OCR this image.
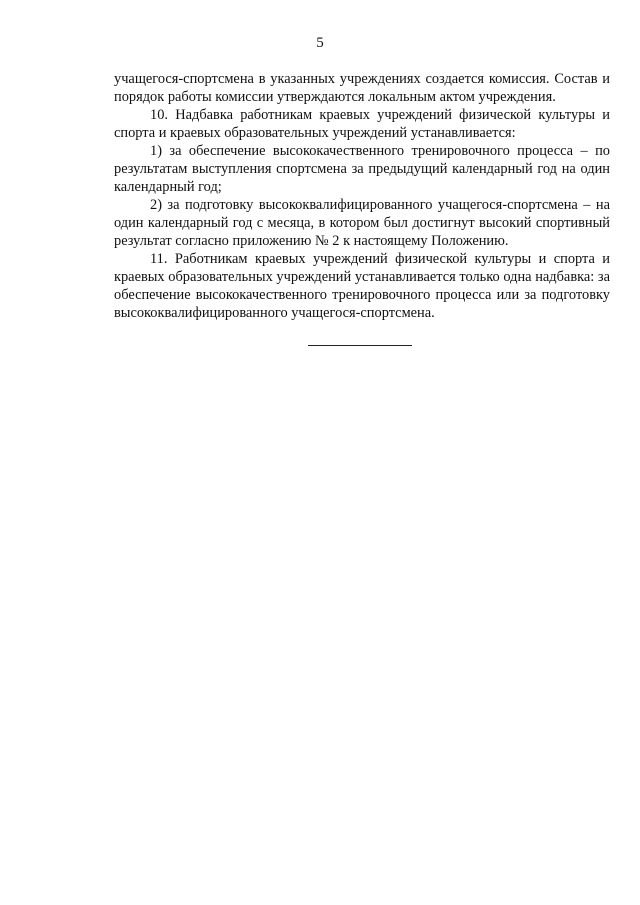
5

учащегося-спортсмена в указанных учреждениях создается комиссия. Состав и порядок работы комиссии утверждаются локальным актом учреждения.

10. Надбавка работникам краевых учреждений физической культуры и спорта и краевых образовательных учреждений устанавливается:

1) за обеспечение высококачественного тренировочного процесса – по результатам выступления спортсмена за предыдущий календарный год на один календарный год;

2) за подготовку высококвалифицированного учащегося-спортсмена – на один календарный год с месяца, в котором был достигнут высокий спортивный результат согласно приложению № 2 к настоящему Положению.

11. Работникам краевых учреждений физической культуры и спорта и краевых образовательных учреждений устанавливается только одна надбавка: за обеспечение высококачественного тренировочного процесса или за подготовку высококвалифицированного учащегося-спортсмена.
